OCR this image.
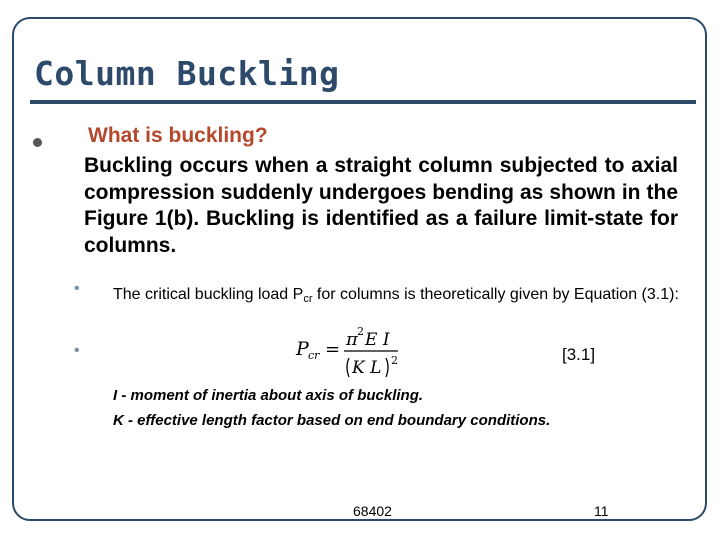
Column Buckling
What is buckling?
Buckling occurs when a straight column subjected to axial compression suddenly undergoes bending as shown in the Figure 1(b). Buckling is identified as a failure limit-state for columns.
• The critical buckling load $P_{cr}$ for columns is theoretically given by Equation (3.1):
•	P cr = π 2 E I
K L 2	[3.1]
I - moment of inertia about axis of buckling.
K - effective length factor based on end boundary conditions.
68402	11
